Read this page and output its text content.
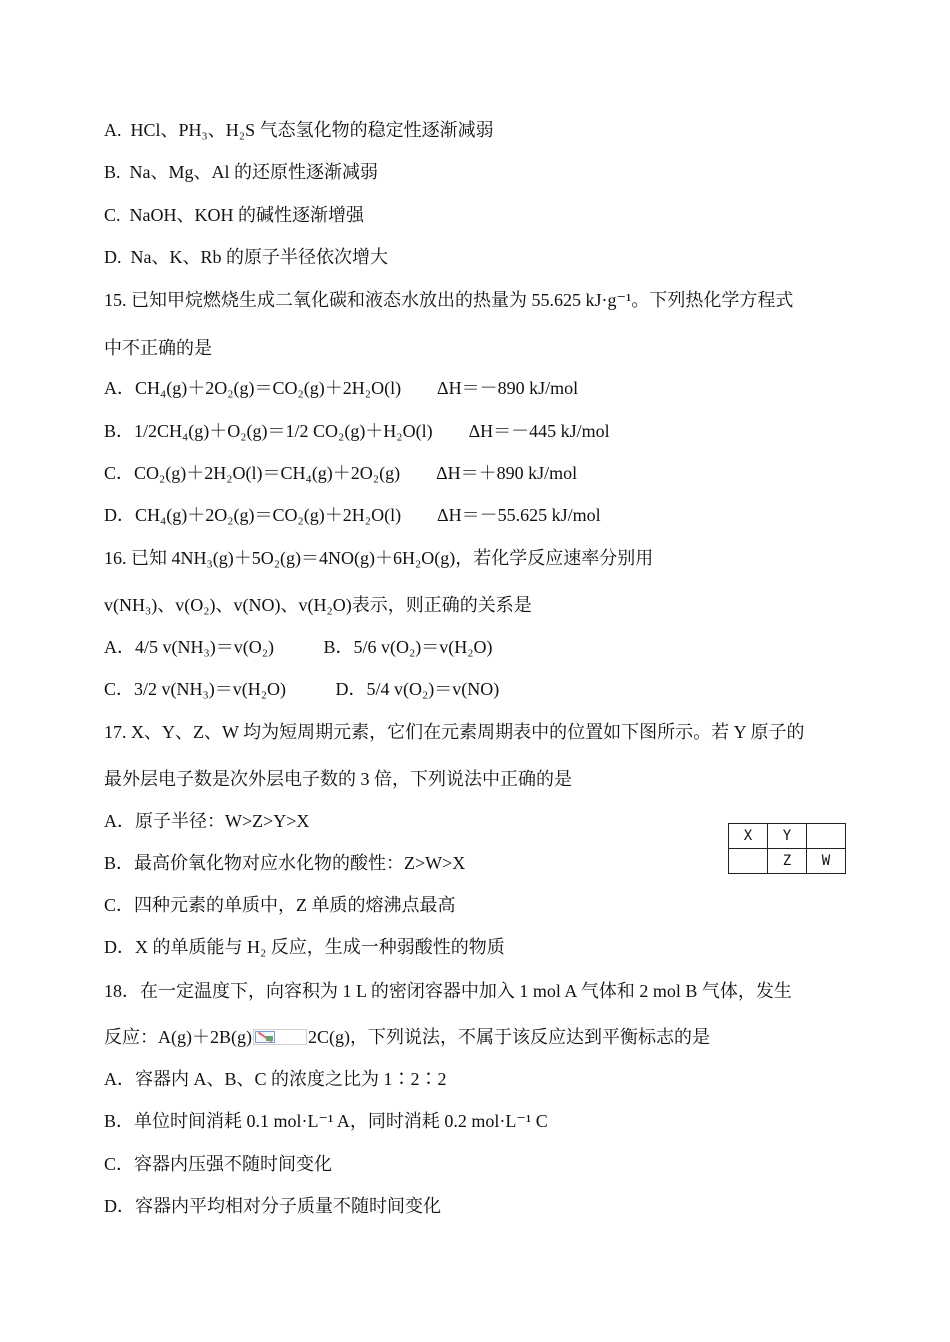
A.  HCl、PH₃、H₂S 气态氢化物的稳定性逐渐减弱
B.  Na、Mg、Al 的还原性逐渐减弱
C.  NaOH、KOH 的碱性逐渐增强
D.  Na、K、Rb 的原子半径依次增大
15. 已知甲烷燃烧生成二氧化碳和液态水放出的热量为 55.625 kJ·g⁻¹。下列热化学方程式
中不正确的是
A．CH₄(g)＋2O₂(g)＝CO₂(g)＋2H₂O(l)        ΔH＝－890 kJ/mol
B．1/2CH₄(g)＋O₂(g)＝1/2 CO₂(g)＋H₂O(l)        ΔH＝－445 kJ/mol
C．CO₂(g)＋2H₂O(l)＝CH₄(g)＋2O₂(g)        ΔH＝＋890 kJ/mol
D．CH₄(g)＋2O₂(g)＝CO₂(g)＋2H₂O(l)        ΔH＝－55.625 kJ/mol
16. 已知 4NH₃(g)＋5O₂(g)＝4NO(g)＋6H₂O(g)，若化学反应速率分别用
v(NH₃)、v(O₂)、v(NO)、v(H₂O)表示，则正确的关系是
A．4/5 v(NH₃)＝v(O₂)           B．5/6 v(O₂)＝v(H₂O)
C．3/2 v(NH₃)＝v(H₂O)           D．5/4 v(O₂)＝v(NO)
17. X、Y、Z、W 均为短周期元素，它们在元素周期表中的位置如下图所示。若 Y 原子的
最外层电子数是次外层电子数的 3 倍，下列说法中正确的是
A．原子半径：W>Z>Y>X
B．最高价氧化物对应水化物的酸性：Z>W>X
C．四种元素的单质中，Z 单质的熔沸点最高
D．X 的单质能与 H₂ 反应，生成一种弱酸性的物质
X	Y	
	Z	W
18．在一定温度下，向容积为 1 L 的密闭容器中加入 1 mol A 气体和 2 mol B 气体，发生
反应：A(g)＋2B(g)	2C(g)，下列说法，不属于该反应达到平衡标志的是
A．容器内 A、B、C 的浓度之比为 1∶2∶2
B．单位时间消耗 0.1 mol·L⁻¹ A，同时消耗 0.2 mol·L⁻¹ C
C．容器内压强不随时间变化
D．容器内平均相对分子质量不随时间变化
